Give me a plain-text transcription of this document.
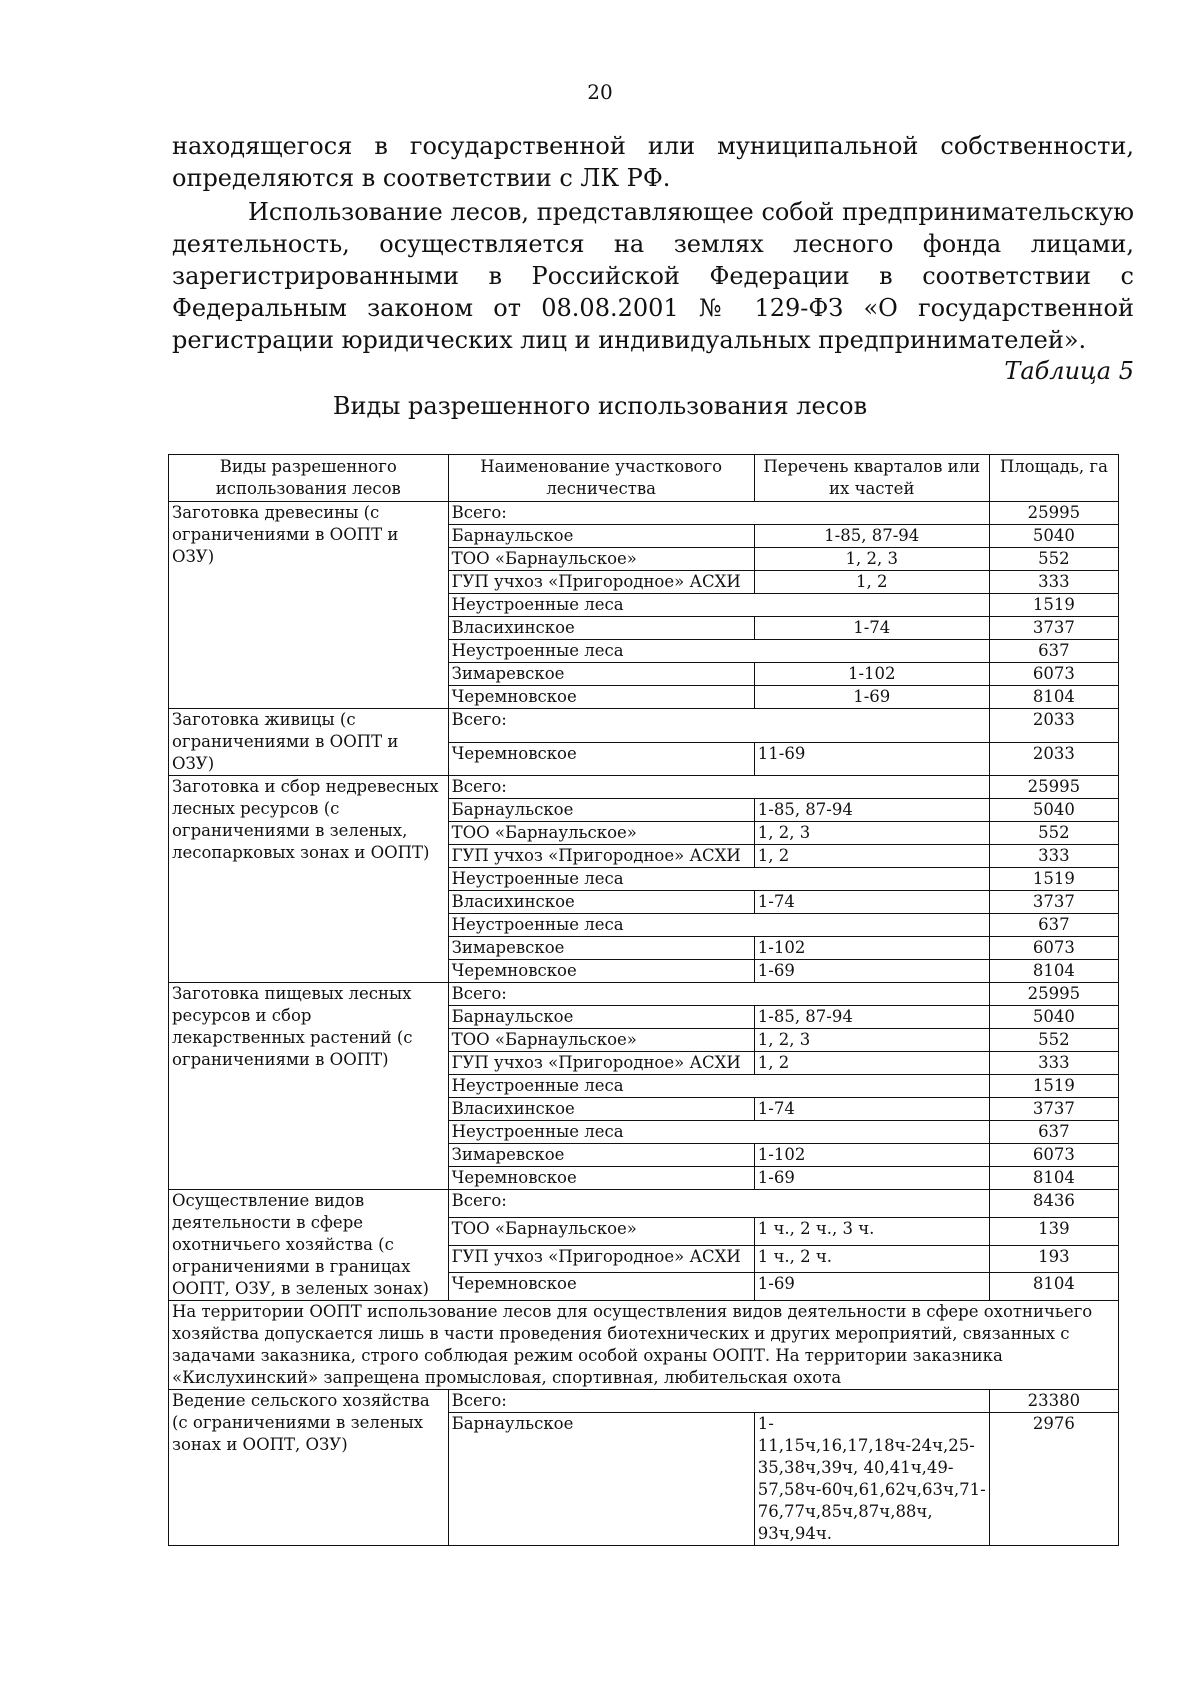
20

находящегося в государственной или муниципальной собственности, определяются в соответствии с ЛК РФ.

Использование лесов, представляющее собой предпринимательскую деятельность, осуществляется на землях лесного фонда лицами, зарегистрированными в Российской Федерации в соответствии с Федеральным законом от 08.08.2001 № 129-ФЗ «О государственной регистрации юридических лиц и индивидуальных предпринимателей».

Таблица 5
Виды разрешенного использования лесов
Виды разрешенного использования лесов	Наименование участкового лесничества	Перечень кварталов или их частей	Площадь, га
Заготовка древесины (с ограничениями в ООПТ и ОЗУ)	Всего:		25995
	Барнаульское	1-85, 87-94	5040
	ТОО «Барнаульское»	1, 2, 3	552
	ГУП учхоз «Пригородное» АСХИ	1, 2	333
	Неустроенные леса		1519
	Власихинское	1-74	3737
	Неустроенные леса		637
	Зимаревское	1-102	6073
	Черемновское	1-69	8104
Заготовка живицы (с ограничениями в ООПТ и ОЗУ)	Всего:		2033
	Черемновское	11-69	2033
Заготовка и сбор недревесных лесных ресурсов (с ограничениями в зеленых, лесопарковых зонах и ООПТ)	Всего:		25995
	Барнаульское	1-85, 87-94	5040
	ТОО «Барнаульское»	1, 2, 3	552
	ГУП учхоз «Пригородное» АСХИ	1, 2	333
	Неустроенные леса		1519
	Власихинское	1-74	3737
	Неустроенные леса		637
	Зимаревское	1-102	6073
	Черемновское	1-69	8104
Заготовка пищевых лесных ресурсов и сбор лекарственных растений (с ограничениями в ООПТ)	Всего:		25995
	Барнаульское	1-85, 87-94	5040
	ТОО «Барнаульское»	1, 2, 3	552
	ГУП учхоз «Пригородное» АСХИ	1, 2	333
	Неустроенные леса		1519
	Власихинское	1-74	3737
	Неустроенные леса		637
	Зимаревское	1-102	6073
	Черемновское	1-69	8104
Осуществление видов деятельности в сфере охотничьего хозяйства (с ограничениями в границах ООПТ, ОЗУ, в зеленых зонах)	Всего:		8436
	ТОО «Барнаульское»	1 ч., 2 ч., 3 ч.	139
	ГУП учхоз «Пригородное» АСХИ	1 ч., 2 ч.	193
	Черемновское	1-69	8104
На территории ООПТ использование лесов для осуществления видов деятельности в сфере охотничьего хозяйства допускается лишь в части проведения биотехнических и других мероприятий, связанных с задачами заказника, строго соблюдая режим особой охраны ООПТ. На территории заказника «Кислухинский» запрещена промысловая, спортивная, любительская охота			
Ведение сельского хозяйства (с ограничениями в зеленых зонах и ООПТ, ОЗУ)	Всего:		23380
	Барнаульское	1-11,15ч,16,17,18ч-24ч,25-35,38ч,39ч, 40,41ч,49-57,58ч-60ч,61,62ч,63ч,71-76,77ч,85ч,87ч,88ч, 93ч,94ч.	2976
